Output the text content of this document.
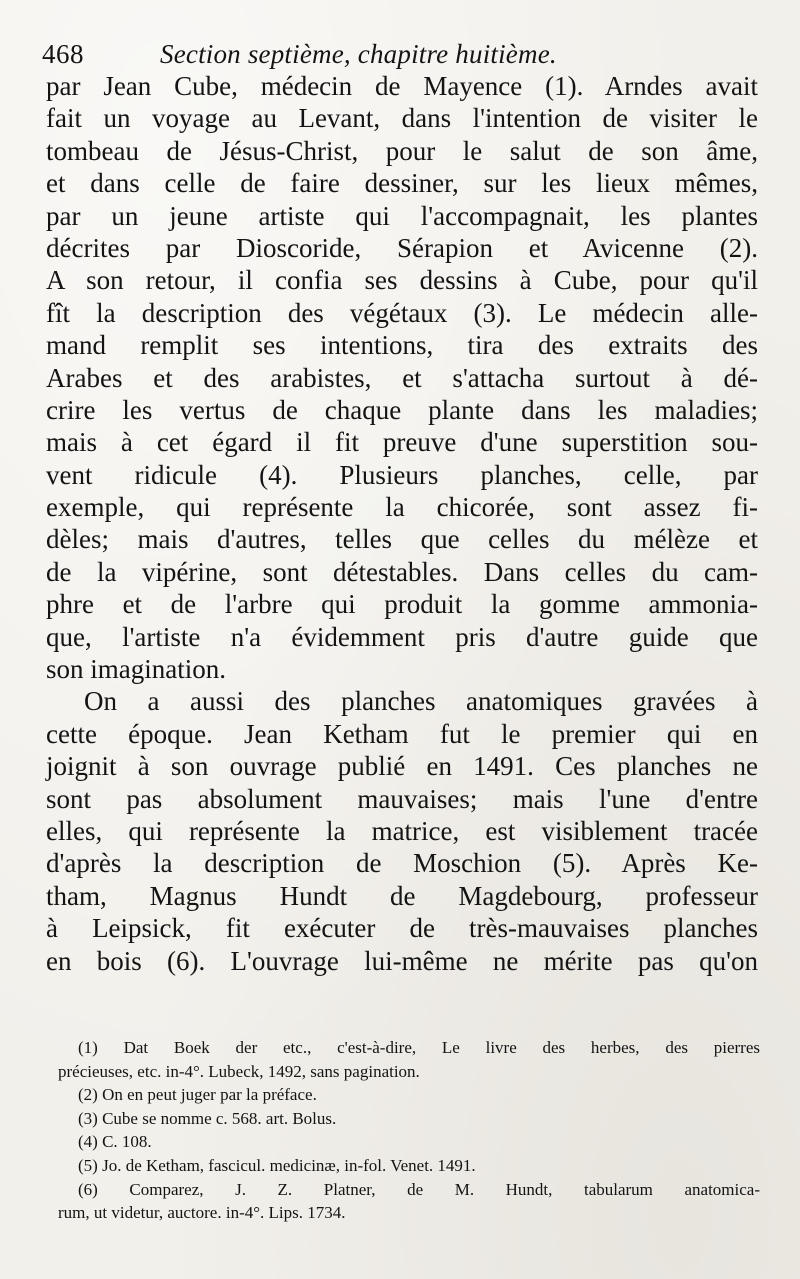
468	Section septième, chapitre huitième.
par Jean Cube, médecin de Mayence (1). Arndes avait
fait un voyage au Levant, dans l'intention de visiter le
tombeau de Jésus-Christ, pour le salut de son âme,
et dans celle de faire dessiner, sur les lieux mêmes,
par un jeune artiste qui l'accompagnait, les plantes
décrites par Dioscoride, Sérapion et Avicenne (2).
A son retour, il confia ses dessins à Cube, pour qu'il
fît la description des végétaux (3). Le médecin alle-
mand remplit ses intentions, tira des extraits des
Arabes et des arabistes, et s'attacha surtout à dé-
crire les vertus de chaque plante dans les maladies;
mais à cet égard il fit preuve d'une superstition sou-
vent ridicule (4). Plusieurs planches, celle, par
exemple, qui représente la chicorée, sont assez fi-
dèles; mais d'autres, telles que celles du mélèze et
de la vipérine, sont détestables. Dans celles du cam-
phre et de l'arbre qui produit la gomme ammonia-
que, l'artiste n'a évidemment pris d'autre guide que
son imagination.
On a aussi des planches anatomiques gravées à
cette époque. Jean Ketham fut le premier qui en
joignit à son ouvrage publié en 1491. Ces planches ne
sont pas absolument mauvaises; mais l'une d'entre
elles, qui représente la matrice, est visiblement tracée
d'après la description de Moschion (5). Après Ke-
tham, Magnus Hundt de Magdebourg, professeur
à Leipsick, fit exécuter de très-mauvaises planches
en bois (6). L'ouvrage lui-même ne mérite pas qu'on
(1) Dat Boek der etc., c'est-à-dire, Le livre des herbes, des pierres
précieuses, etc. in-4°. Lubeck, 1492, sans pagination.
(2) On en peut juger par la préface.
(3) Cube se nomme c. 568. art. Bolus.
(4) C. 108.
(5) Jo. de Ketham, fascicul. medicinæ, in-fol. Venet. 1491.
(6) Comparez, J. Z. Platner, de M. Hundt, tabularum anatomica-
rum, ut videtur, auctore. in-4°. Lips. 1734.
